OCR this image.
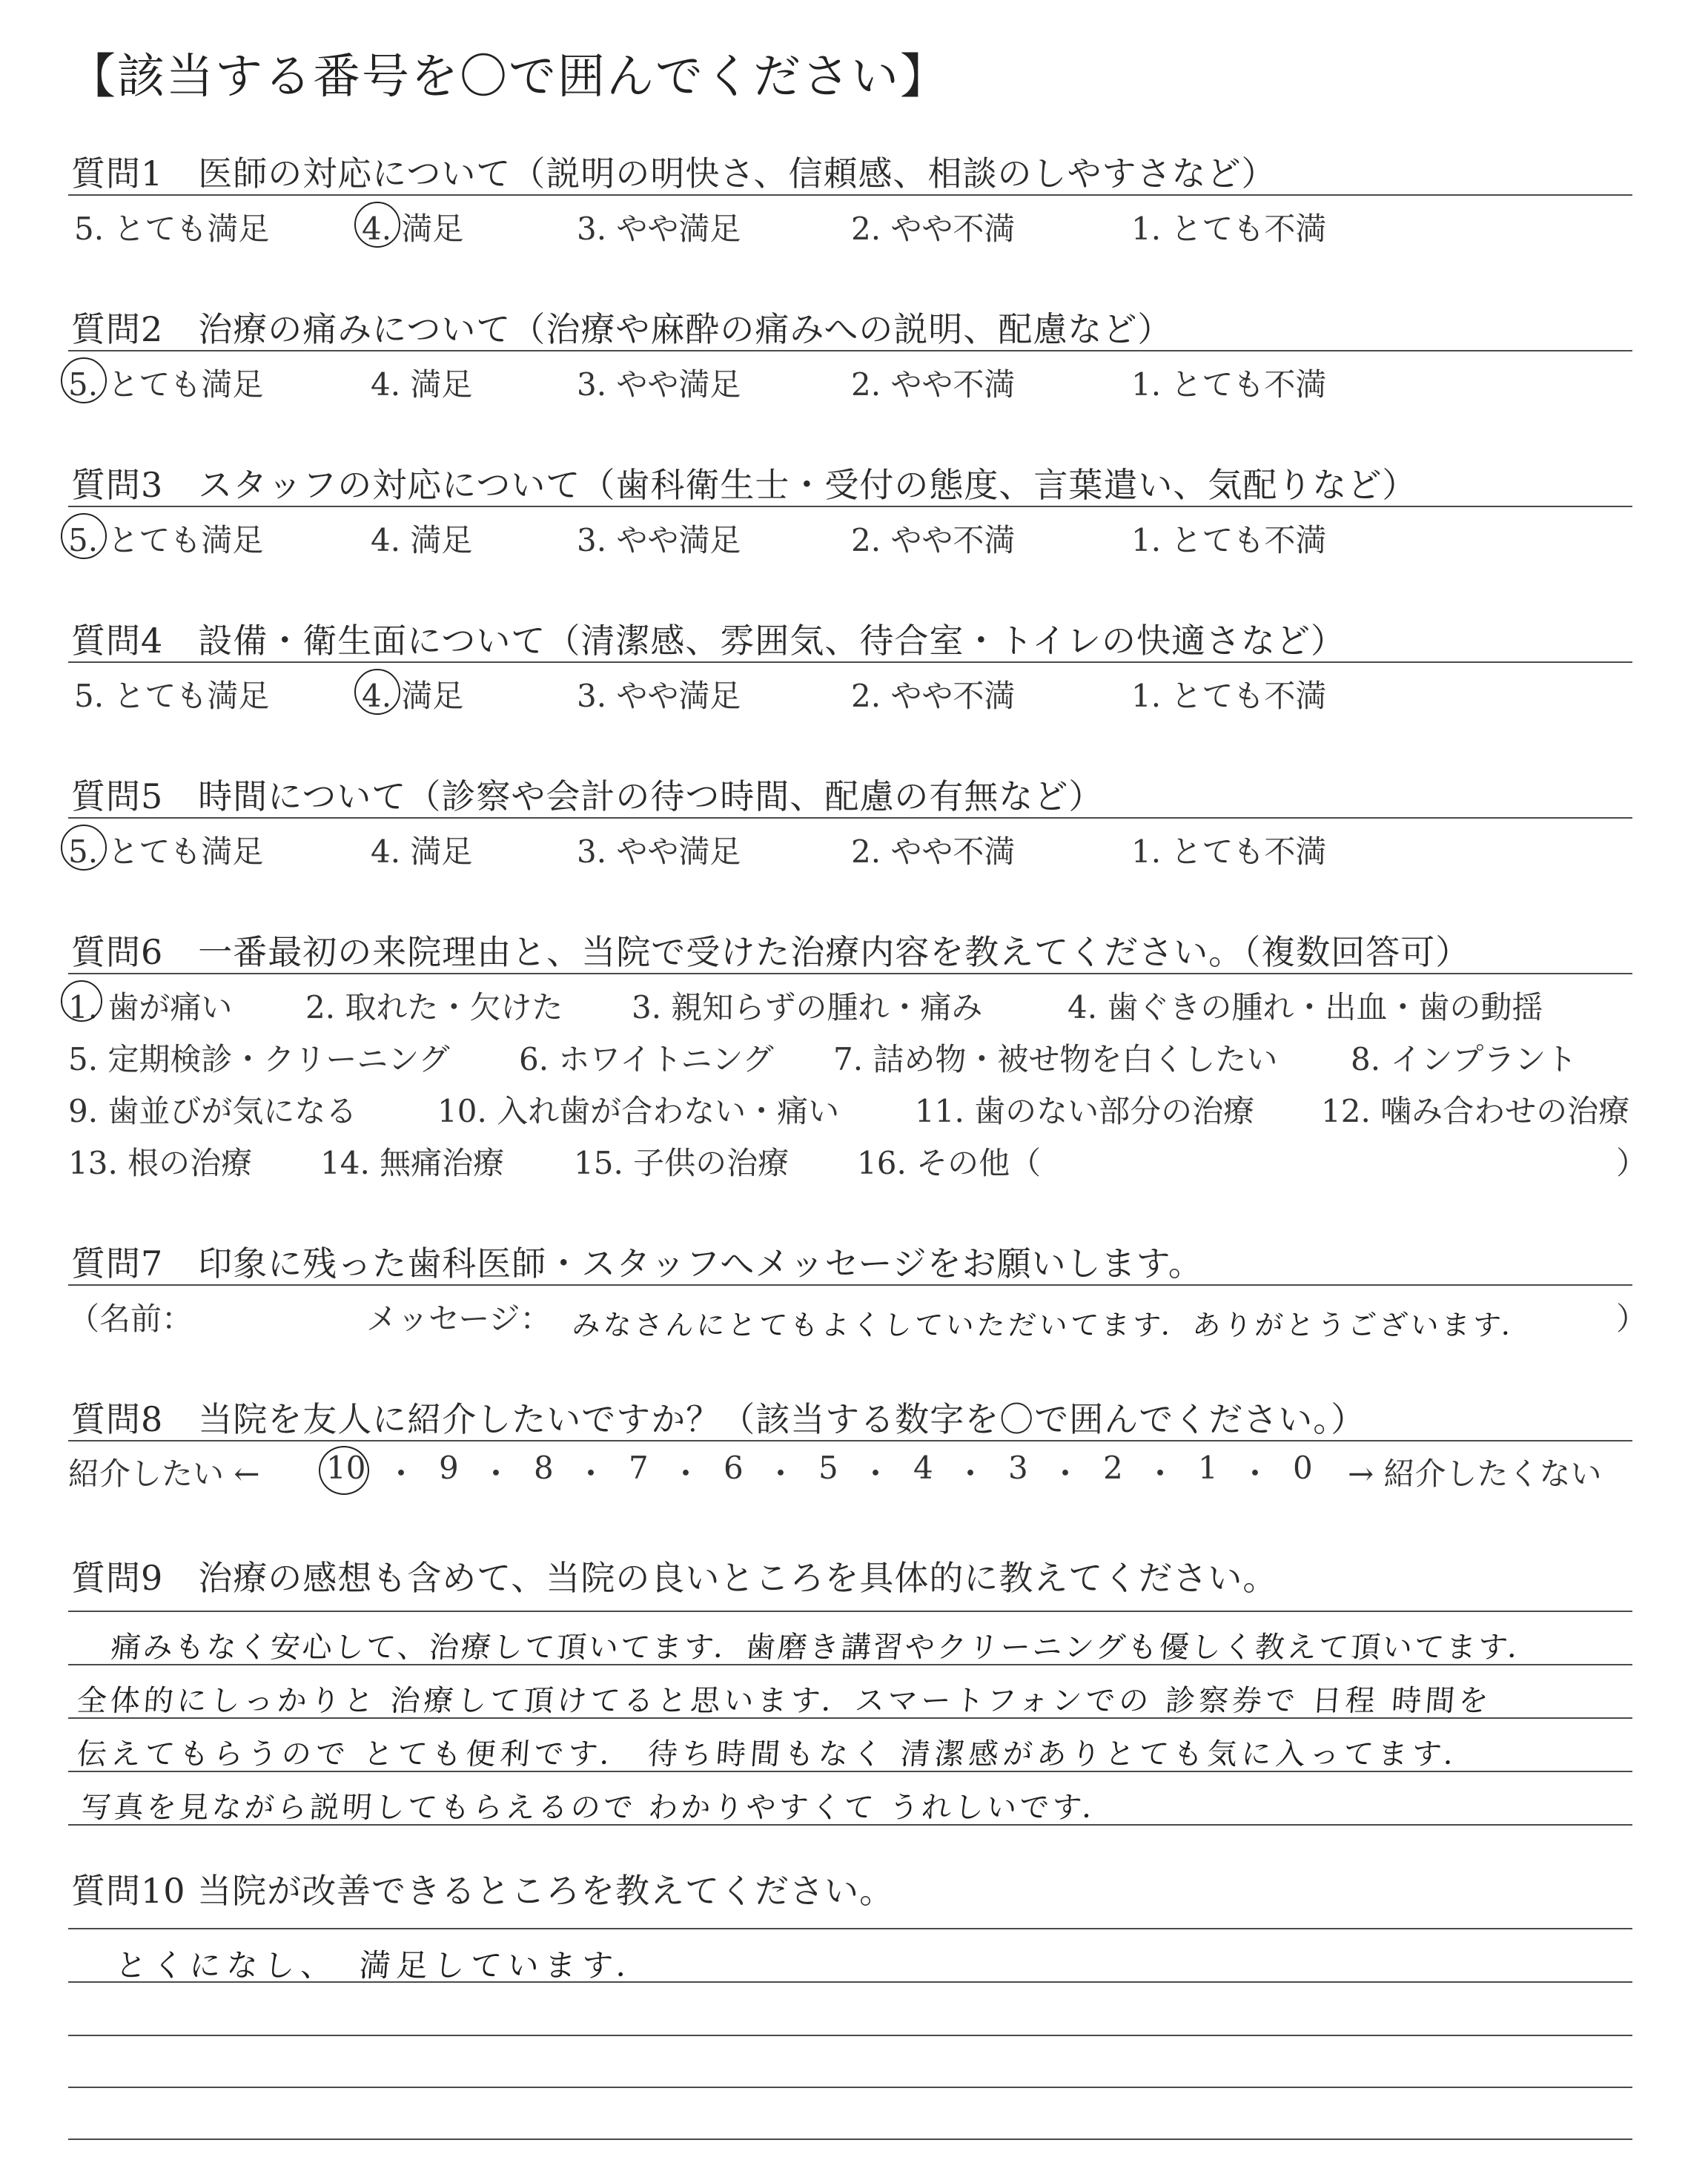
【該当する番号を〇で囲んでください】
質問1　医師の対応について（説明の明快さ、信頼感、相談のしやすさなど）
5. とても満足	4. 満足	3. やや満足	2. やや不満	1. とても不満
質問2　治療の痛みについて（治療や麻酔の痛みへの説明、配慮など）
5. とても満足	4. 満足	3. やや満足	2. やや不満	1. とても不満
質問3　スタッフの対応について（歯科衛生士・受付の態度、言葉遣い、気配りなど）
5. とても満足	4. 満足	3. やや満足	2. やや不満	1. とても不満
質問4　設備・衛生面について（清潔感、雰囲気、待合室・トイレの快適さなど）
5. とても満足	4. 満足	3. やや満足	2. やや不満	1. とても不満
質問5　時間について（診察や会計の待つ時間、配慮の有無など）
5. とても満足	4. 満足	3. やや満足	2. やや不満	1. とても不満
質問6　一番最初の来院理由と、当院で受けた治療内容を教えてください。（複数回答可）
1. 歯が痛い 2. 取れた・欠けた 3. 親知らずの腫れ・痛み	4. 歯ぐきの腫れ・出血・歯の動揺
5. 定期検診・クリーニング 6. ホワイトニング 7. 詰め物・被せ物を白くしたい 8. インプラント
9. 歯並びが気になる	10. 入れ歯が合わない・痛い 11. 歯のない部分の治療 12. 噛み合わせの治療
13. 根の治療 14. 無痛治療 15. 子供の治療 16. その他（	）
質問7　印象に残った歯科医師・スタッフへメッセージをお願いします。
（名前：	メッセージ： みなさんにとてもよくしていただいてます．ありがとうございます．	）
質問8　当院を友人に紹介したいですか？（該当する数字を〇で囲んでください。）
紹介したい ← 10 ・ 9 ・ 8 ・ 7 ・ 6 ・ 5 ・ 4 ・ 3 ・ 2 ・ 1 ・ 0 → 紹介したくない
質問9　治療の感想も含めて、当院の良いところを具体的に教えてください。
痛みもなく安心して、治療して頂いてます．歯磨き講習やクリーニングも優しく教えて頂いてます．
全体的にしっかりと 治療して頂けてると思います．スマートフォンでの 診察券で 日程 時間を
伝えてもらうので とても便利です． 待ち時間もなく 清潔感がありとても気に入ってます．
写真を見ながら説明してもらえるので わかりやすくて うれしいです．
質問10 当院が改善できるところを教えてください。
とくになし、　満足しています．
